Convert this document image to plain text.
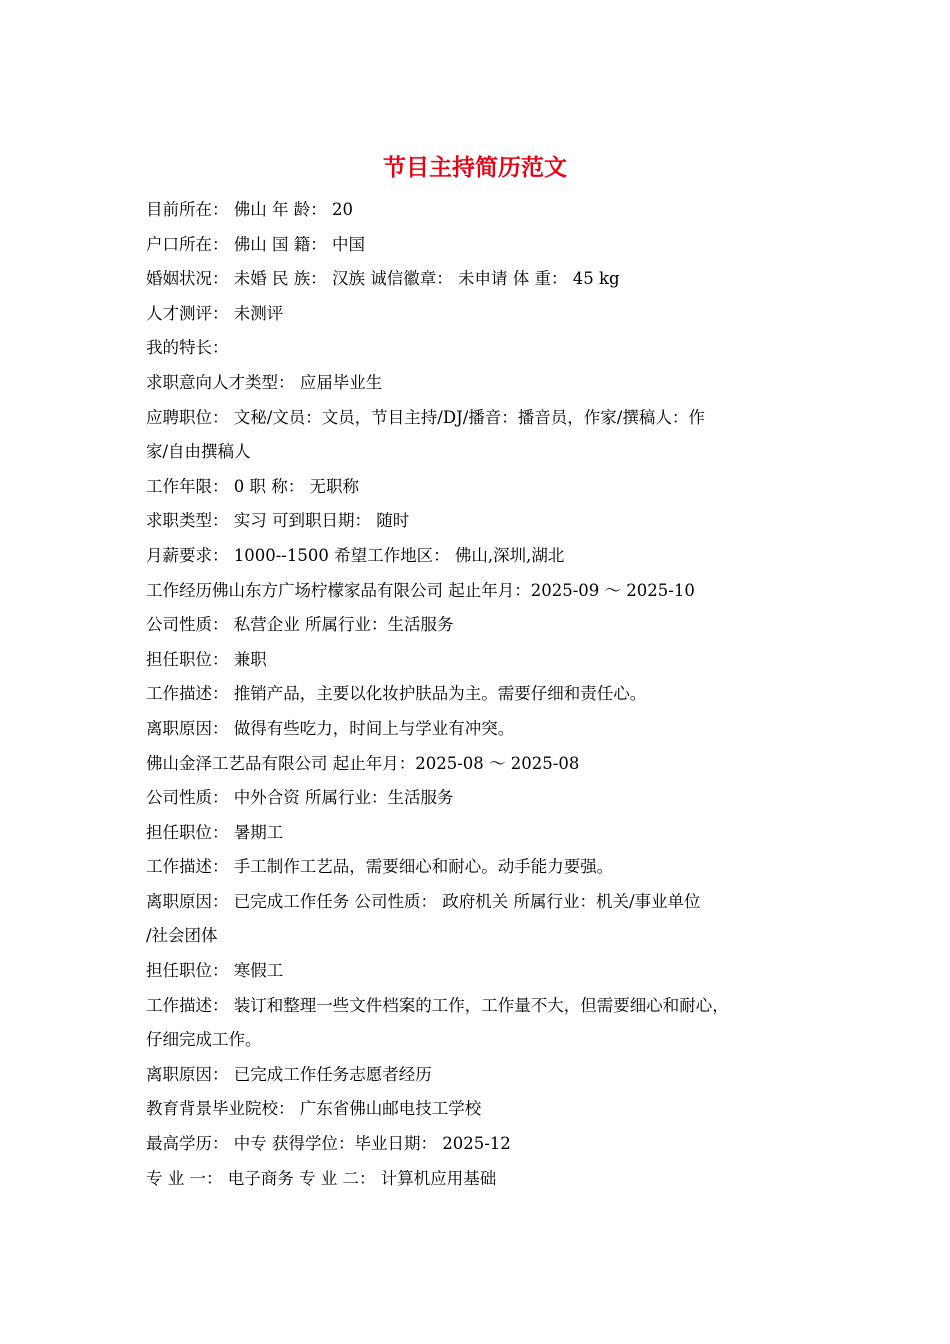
节目主持简历范文
目前所在： 佛山 年 龄： 20
户口所在： 佛山 国 籍： 中国
婚姻状况： 未婚 民 族： 汉族 诚信徽章： 未申请 体 重： 45 kg
人才测评： 未测评
我的特长：
求职意向人才类型： 应届毕业生
应聘职位： 文秘/文员：文员，节目主持/DJ/播音：播音员，作家/撰稿人：作
家/自由撰稿人
工作年限： 0 职 称： 无职称
求职类型： 实习 可到职日期： 随时
月薪要求： 1000--1500 希望工作地区： 佛山,深圳,湖北
工作经历佛山东方广场柠檬家品有限公司 起止年月：2025-09 ～ 2025-10
公司性质： 私营企业 所属行业：生活服务
担任职位： 兼职
工作描述： 推销产品，主要以化妆护肤品为主。需要仔细和责任心。
离职原因： 做得有些吃力，时间上与学业有冲突。
佛山金泽工艺品有限公司 起止年月：2025-08 ～ 2025-08
公司性质： 中外合资 所属行业：生活服务
担任职位： 暑期工
工作描述： 手工制作工艺品，需要细心和耐心。动手能力要强。
离职原因： 已完成工作任务 公司性质： 政府机关 所属行业：机关/事业单位
/社会团体
担任职位： 寒假工
工作描述： 装订和整理一些文件档案的工作，工作量不大，但需要细心和耐心，
仔细完成工作。
离职原因： 已完成工作任务志愿者经历
教育背景毕业院校： 广东省佛山邮电技工学校
最高学历： 中专 获得学位：毕业日期： 2025-12
专 业 一： 电子商务 专 业 二： 计算机应用基础
